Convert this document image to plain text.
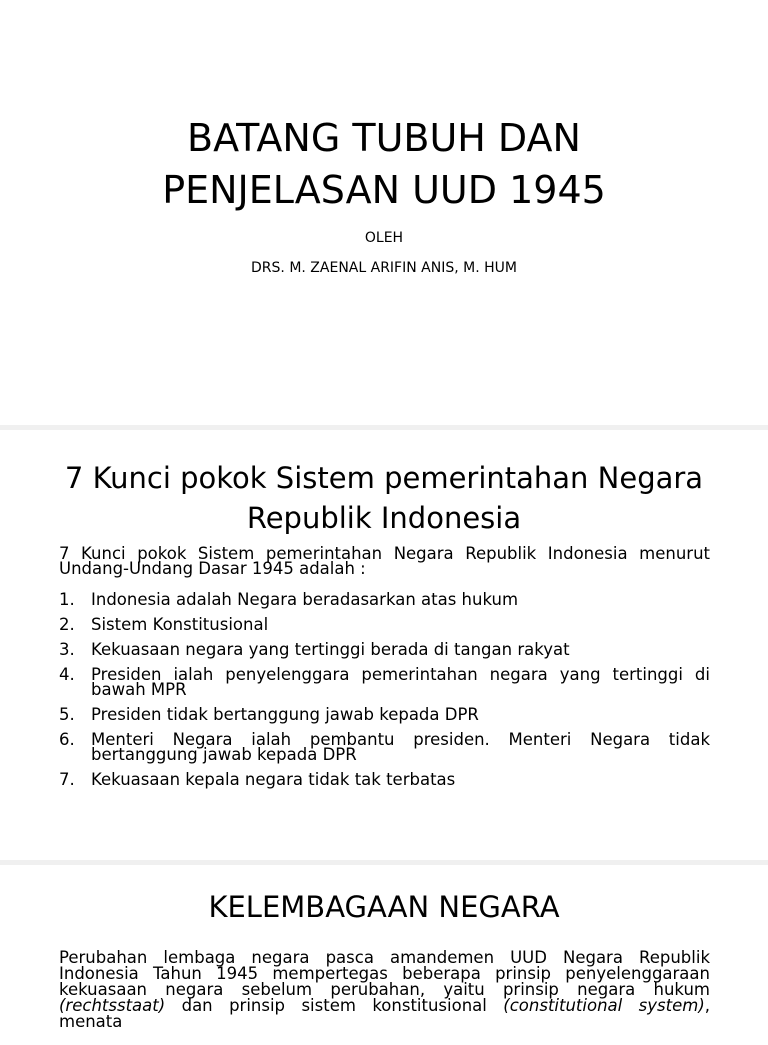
BATANG TUBUH DAN
PENJELASAN UUD 1945
OLEH
DRS. M. ZAENAL ARIFIN ANIS, M. HUM
7 Kunci pokok Sistem pemerintahan Negara
Republik Indonesia

7 Kunci pokok Sistem pemerintahan Negara Republik Indonesia menurut Undang-Undang Dasar 1945 adalah :

1. Indonesia adalah Negara beradasarkan atas hukum
2. Sistem Konstitusional
3. Kekuasaan negara yang tertinggi berada di tangan rakyat
4. Presiden ialah penyelenggara pemerintahan negara yang tertinggi di bawah MPR
5. Presiden tidak bertanggung jawab kepada DPR
6. Menteri Negara ialah pembantu presiden. Menteri Negara tidak bertanggung jawab kepada DPR
7. Kekuasaan kepala negara tidak tak terbatas
KELEMBAGAAN NEGARA

Perubahan lembaga negara pasca amandemen UUD Negara Republik Indonesia Tahun 1945 mempertegas beberapa prinsip penyelenggaraan kekuasaan negara sebelum perubahan, yaitu prinsip negara hukum (rechtsstaat) dan prinsip sistem konstitusional (constitutional system), menata
